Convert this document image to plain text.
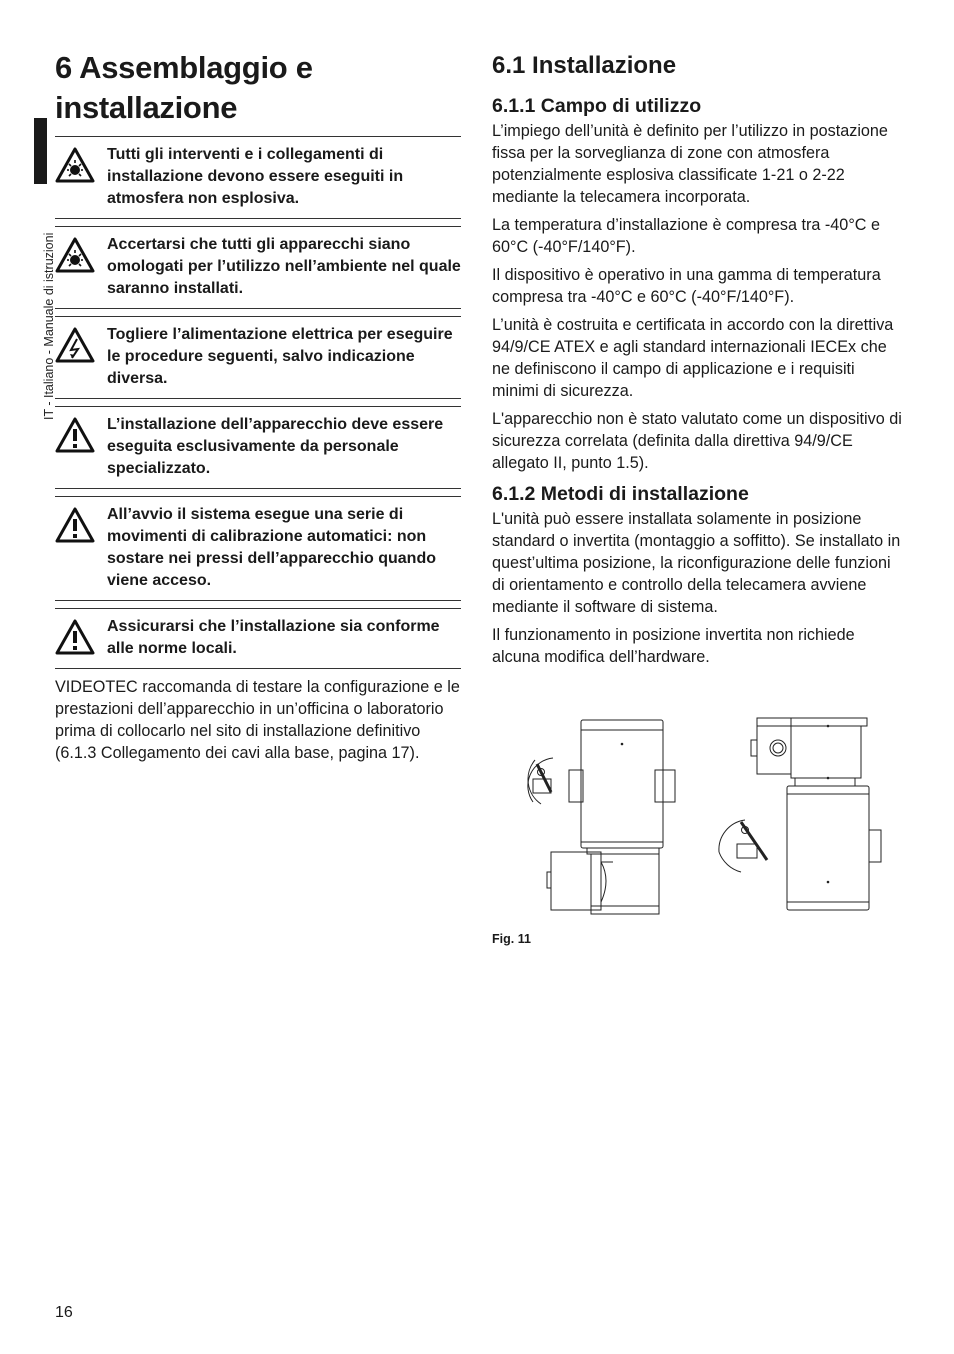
IT - Italiano - Manuale di istruzioni
6 Assemblaggio e
installazione
Tutti gli interventi e i collegamenti di installazione devono essere eseguiti in atmosfera non esplosiva.
Accertarsi che tutti gli apparecchi siano omologati per l’utilizzo nell’ambiente nel quale saranno installati.
Togliere l’alimentazione elettrica per eseguire le procedure seguenti, salvo indicazione diversa.
L’installazione dell’apparecchio deve essere eseguita esclusivamente da personale specializzato.
All’avvio il sistema esegue una serie di movimenti di calibrazione automatici: non sostare nei pressi dell’apparecchio quando viene acceso.
Assicurarsi che l’installazione sia conforme alle norme locali.

VIDEOTEC raccomanda di testare la configurazione e le prestazioni dell’apparecchio in un’officina o laboratorio prima di collocarlo nel sito di installazione definitivo (6.1.3 Collegamento dei cavi alla base, pagina 17).

6.1 Installazione
6.1.1 Campo di utilizzo

L’impiego dell’unità è definito per l’utilizzo in postazione fissa per la sorveglianza di zone con atmosfera potenzialmente esplosiva classificate 1-21 o 2-22 mediante la telecamera incorporata.

La temperatura d’installazione è compresa tra -40°C e 60°C (-40°F/140°F).

Il dispositivo è operativo in una gamma di temperatura compresa tra -40°C e 60°C (-40°F/140°F).

L’unità è costruita e certificata in accordo con la direttiva 94/9/CE ATEX e agli standard internazionali IECEx che ne definiscono il campo di applicazione e i requisiti minimi di sicurezza.

L'apparecchio non è stato valutato come un dispositivo di sicurezza correlata (definita dalla direttiva 94/9/CE allegato II, punto 1.5).

6.1.2 Metodi di installazione

L'unità può essere installata solamente in posizione standard o invertita (montaggio a soffitto). Se installato in quest’ultima posizione, la riconfigurazione delle funzioni di orientamento e controllo della telecamera avviene mediante il software di sistema.

Il funzionamento in posizione invertita non richiede alcuna modifica dell’hardware.

Fig. 11
16
